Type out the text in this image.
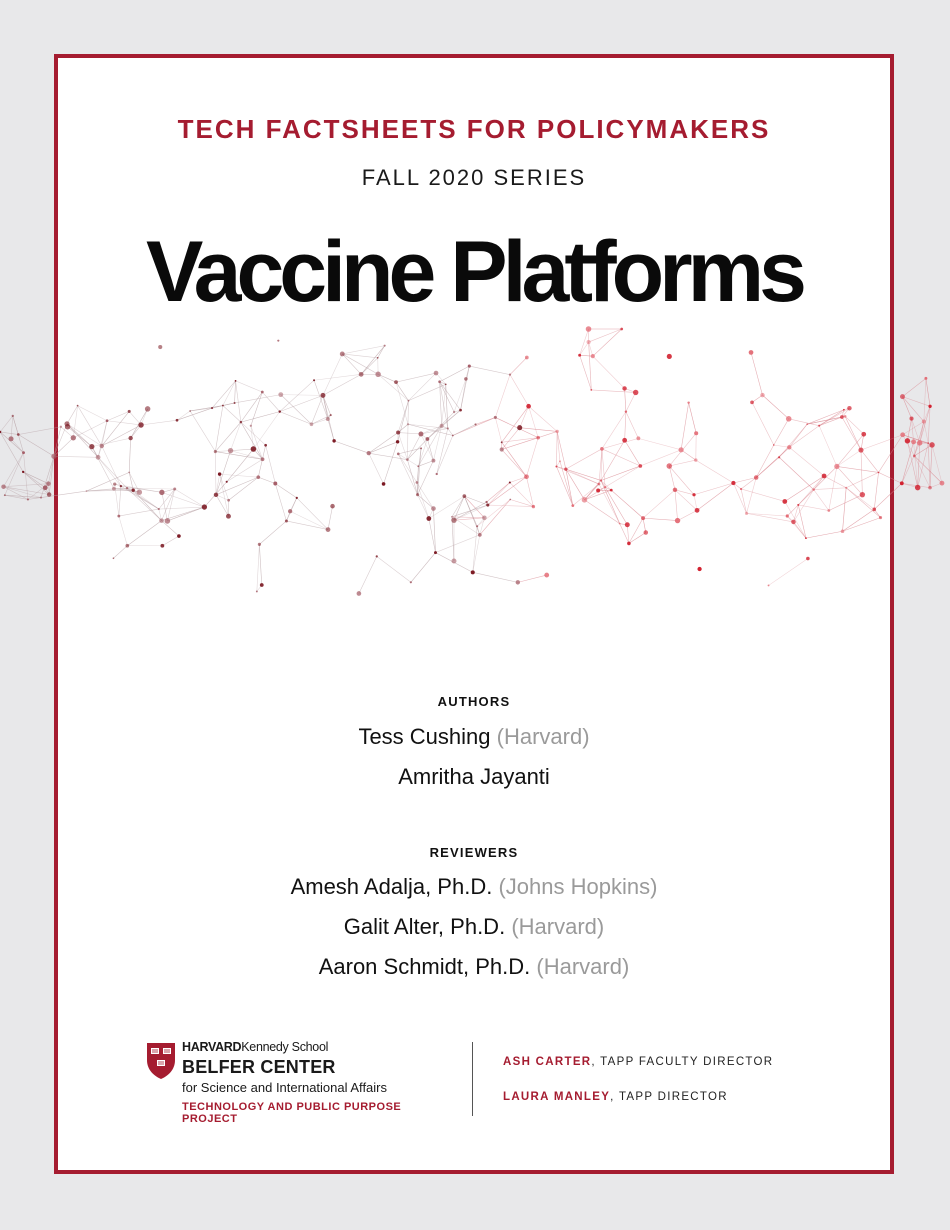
TECH FACTSHEETS FOR POLICYMAKERS
FALL 2020 SERIES
Vaccine Platforms
AUTHORS
Tess Cushing (Harvard)
Amritha Jayanti
REVIEWERS
Amesh Adalja, Ph.D. (Johns Hopkins)
Galit Alter, Ph.D. (Harvard)
Aaron Schmidt, Ph.D. (Harvard)
HARVARDKennedy School
BELFER CENTER
for Science and International Affairs
TECHNOLOGY AND PUBLIC PURPOSE PROJECT
ASH CARTER, TAPP FACULTY DIRECTOR
LAURA MANLEY, TAPP DIRECTOR
